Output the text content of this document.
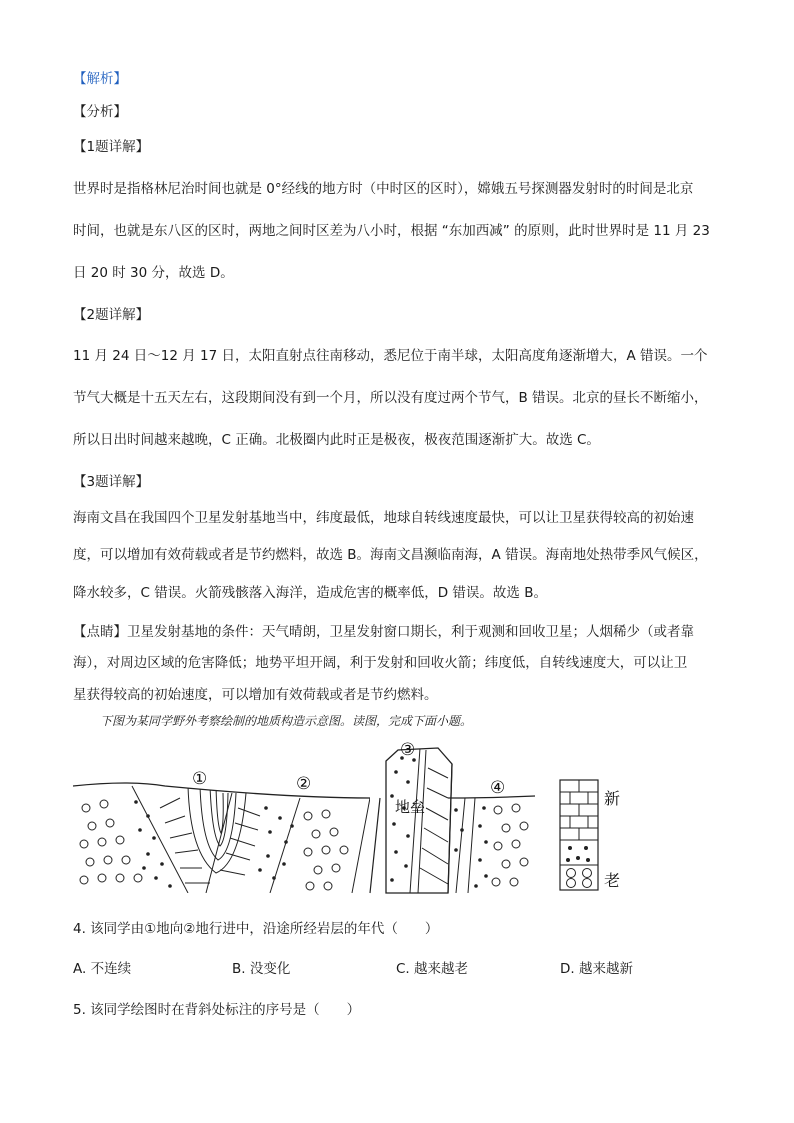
【解析】
【分析】
【1题详解】
世界时是指格林尼治时间也就是 0°经线的地方时（中时区的区时），嫦娥五号探测器发射时的时间是北京
时间，也就是东八区的区时，两地之间时区差为八小时，根据 “东加西减” 的原则，此时世界时是 11 月 23
日 20 时 30 分，故选 D。
【2题详解】
11 月 24 日～12 月 17 日，太阳直射点往南移动，悉尼位于南半球，太阳高度角逐渐增大，A 错误。一个
节气大概是十五天左右，这段期间没有到一个月，所以没有度过两个节气，B 错误。北京的昼长不断缩小，
所以日出时间越来越晚，C 正确。北极圈内此时正是极夜，极夜范围逐渐扩大。故选 C。
【3题详解】
海南文昌在我国四个卫星发射基地当中，纬度最低，地球自转线速度最快，可以让卫星获得较高的初始速
度，可以增加有效荷载或者是节约燃料，故选 B。海南文昌濒临南海，A 错误。海南地处热带季风气候区，
降水较多，C 错误。火箭残骸落入海洋，造成危害的概率低，D 错误。故选 B。
【点睛】卫星发射基地的条件：天气晴朗，卫星发射窗口期长，利于观测和回收卫星；人烟稀少（或者靠
海），对周边区域的危害降低；地势平坦开阔，利于发射和回收火箭；纬度低，自转线速度大，可以让卫
星获得较高的初始速度，可以增加有效荷载或者是节约燃料。
下图为某同学野外考察绘制的地质构造示意图。读图，完成下面小题。
①	②
③
④
地垒	新
老
4. 该同学由①地向②地行进中，沿途所经岩层的年代（　　）
A. 不连续	B. 没变化	C. 越来越老	D. 越来越新
5. 该同学绘图时在背斜处标注的序号是（　　）
